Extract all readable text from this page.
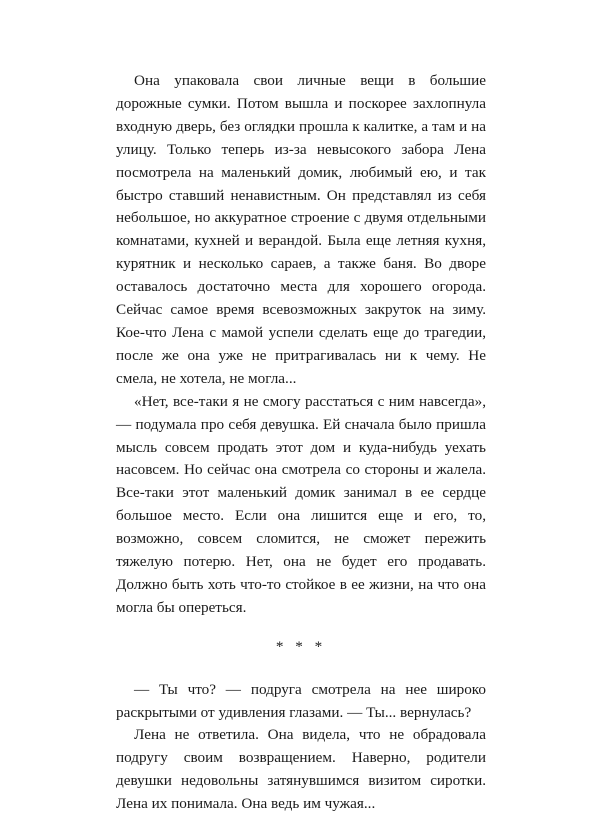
Она упаковала свои личные вещи в большие дорожные сумки. Потом вышла и поскорее захлопнула входную дверь, без оглядки прошла к калитке, а там и на улицу. Только теперь из-за невысокого забора Лена посмотрела на маленький домик, любимый ею, и так быстро ставший ненавистным. Он представлял из себя небольшое, но аккуратное строение с двумя отдельными комнатами, кухней и верандой. Была еще летняя кухня, курятник и несколько сараев, а также баня. Во дворе оставалось достаточно места для хорошего огорода. Сейчас самое время всевозможных закруток на зиму. Кое-что Лена с мамой успели сделать еще до трагедии, после же она уже не притрагивалась ни к чему. Не смела, не хотела, не могла...

«Нет, все-таки я не смогу расстаться с ним навсегда», — подумала про себя девушка. Ей сначала было пришла мысль совсем продать этот дом и куда-нибудь уехать насовсем. Но сейчас она смотрела со стороны и жалела. Все-таки этот маленький домик занимал в ее сердце большое место. Если она лишится еще и его, то, возможно, совсем сломится, не сможет пережить тяжелую потерю. Нет, она не будет его продавать. Должно быть хоть что-то стойкое в ее жизни, на что она могла бы опереться.

* * *

— Ты что? — подруга смотрела на нее широко раскрытыми от удивления глазами. — Ты... вернулась?

Лена не ответила. Она видела, что не обрадовала подругу своим возвращением. Наверно, родители девушки недовольны затянувшимся визитом сиротки. Лена их понимала. Она ведь им чужая...
